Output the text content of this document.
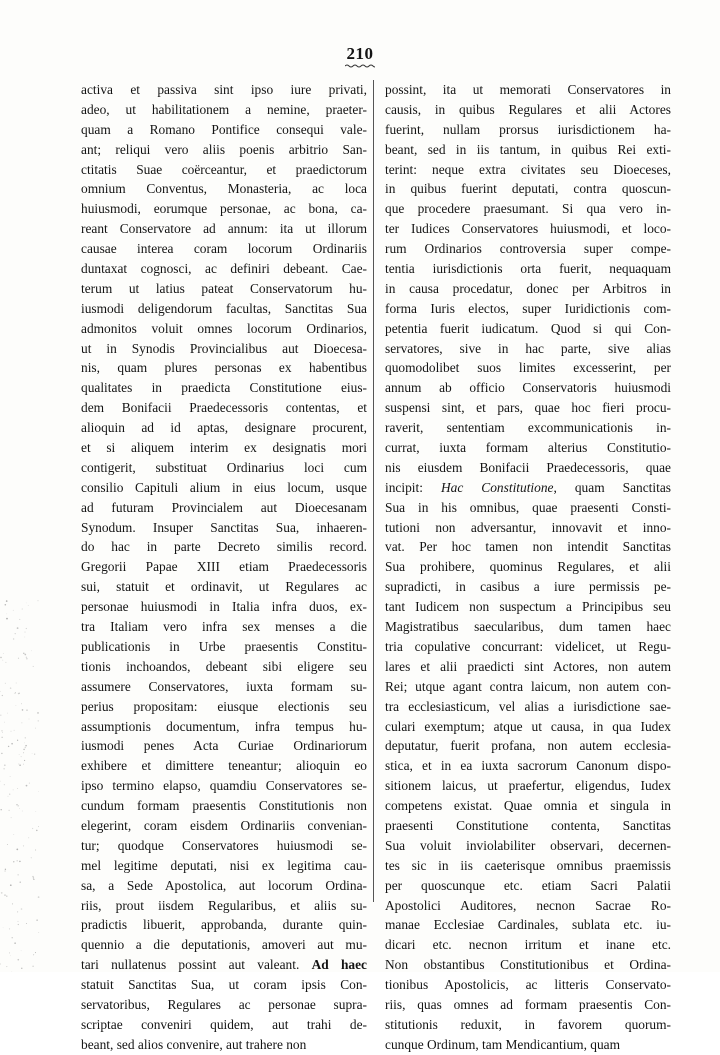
210
activa et passiva sint ipso iure privati,
adeo, ut habilitationem a nemine, praeter-
quam a Romano Pontifice consequi vale-
ant; reliqui vero aliis poenis arbitrio San-
ctitatis Suae coërceantur, et praedictorum
omnium Conventus, Monasteria, ac loca
huiusmodi, eorumque personae, ac bona, ca-
reant Conservatore ad annum: ita ut illorum
causae interea coram locorum Ordinariis
duntaxat cognosci, ac definiri debeant. Cae-
terum ut latius pateat Conservatorum hu-
iusmodi deligendorum facultas, Sanctitas Sua
admonitos voluit omnes locorum Ordinarios,
ut in Synodis Provincialibus aut Dioecesa-
nis, quam plures personas ex habentibus
qualitates in praedicta Constitutione eius-
dem Bonifacii Praedecessoris contentas, et
alioquin ad id aptas, designare procurent,
et si aliquem interim ex designatis mori
contigerit, substituat Ordinarius loci cum
consilio Capituli alium in eius locum, usque
ad futuram Provincialem aut Dioecesanam
Synodum. Insuper Sanctitas Sua, inhaeren-
do hac in parte Decreto similis record.
Gregorii Papae XIII etiam Praedecessoris
sui, statuit et ordinavit, ut Regulares ac
personae huiusmodi in Italia infra duos, ex-
tra Italiam vero infra sex menses a die
publicationis in Urbe praesentis Constitu-
tionis inchoandos, debeant sibi eligere seu
assumere Conservatores, iuxta formam su-
perius propositam: eiusque electionis seu
assumptionis documentum, infra tempus hu-
iusmodi penes Acta Curiae Ordinariorum
exhibere et dimittere teneantur; alioquin eo
ipso termino elapso, quamdiu Conservatores se-
cundum formam praesentis Constitutionis non
elegerint, coram eisdem Ordinariis convenian-
tur; quodque Conservatores huiusmodi se-
mel legitime deputati, nisi ex legitima cau-
sa, a Sede Apostolica, aut locorum Ordina-
riis, prout iisdem Regularibus, et aliis su-
pradictis libuerit, approbanda, durante quin-
quennio a die deputationis, amoveri aut mu-
tari nullatenus possint aut valeant. Ad haec
statuit Sanctitas Sua, ut coram ipsis Con-
servatoribus, Regulares ac personae supra-
scriptae conveniri quidem, aut trahi de-
beant, sed alios convenire, aut trahere non
possint, ita ut memorati Conservatores in
causis, in quibus Regulares et alii Actores
fuerint, nullam prorsus iurisdictionem ha-
beant, sed in iis tantum, in quibus Rei exti-
terint: neque extra civitates seu Dioeceses,
in quibus fuerint deputati, contra quoscun-
que procedere praesumant. Si qua vero in-
ter Iudices Conservatores huiusmodi, et loco-
rum Ordinarios controversia super compe-
tentia iurisdictionis orta fuerit, nequaquam
in causa procedatur, donec per Arbitros in
forma Iuris electos, super Iuridictionis com-
petentia fuerit iudicatum. Quod si qui Con-
servatores, sive in hac parte, sive alias
quomodolibet suos limites excesserint, per
annum ab officio Conservatoris huiusmodi
suspensi sint, et pars, quae hoc fieri procu-
raverit, sententiam excommunicationis in-
currat, iuxta formam alterius Constitutio-
nis eiusdem Bonifacii Praedecessoris, quae
incipit: Hac Constitutione, quam Sanctitas
Sua in his omnibus, quae praesenti Consti-
tutioni non adversantur, innovavit et inno-
vat. Per hoc tamen non intendit Sanctitas
Sua prohibere, quominus Regulares, et alii
supradicti, in casibus a iure permissis pe-
tant Iudicem non suspectum a Principibus seu
Magistratibus saecularibus, dum tamen haec
tria copulative concurrant: videlicet, ut Regu-
lares et alii praedicti sint Actores, non autem
Rei; utque agant contra laicum, non autem con-
tra ecclesiasticum, vel alias a iurisdictione sae-
culari exemptum; atque ut causa, in qua Iudex
deputatur, fuerit profana, non autem ecclesia-
stica, et in ea iuxta sacrorum Canonum dispo-
sitionem laicus, ut praefertur, eligendus, Iudex
competens existat. Quae omnia et singula in
praesenti Constitutione contenta, Sanctitas
Sua voluit inviolabiliter observari, decernen-
tes sic in iis caeterisque omnibus praemissis
per quoscunque etc. etiam Sacri Palatii
Apostolici Auditores, necnon Sacrae Ro-
manae Ecclesiae Cardinales, sublata etc. iu-
dicari etc. necnon irritum et inane etc.
Non obstantibus Constitutionibus et Ordina-
tionibus Apostolicis, ac litteris Conservato-
riis, quas omnes ad formam praesentis Con-
stitutionis reduxit, in favorem quorum-
cunque Ordinum, tam Mendicantium, quam
